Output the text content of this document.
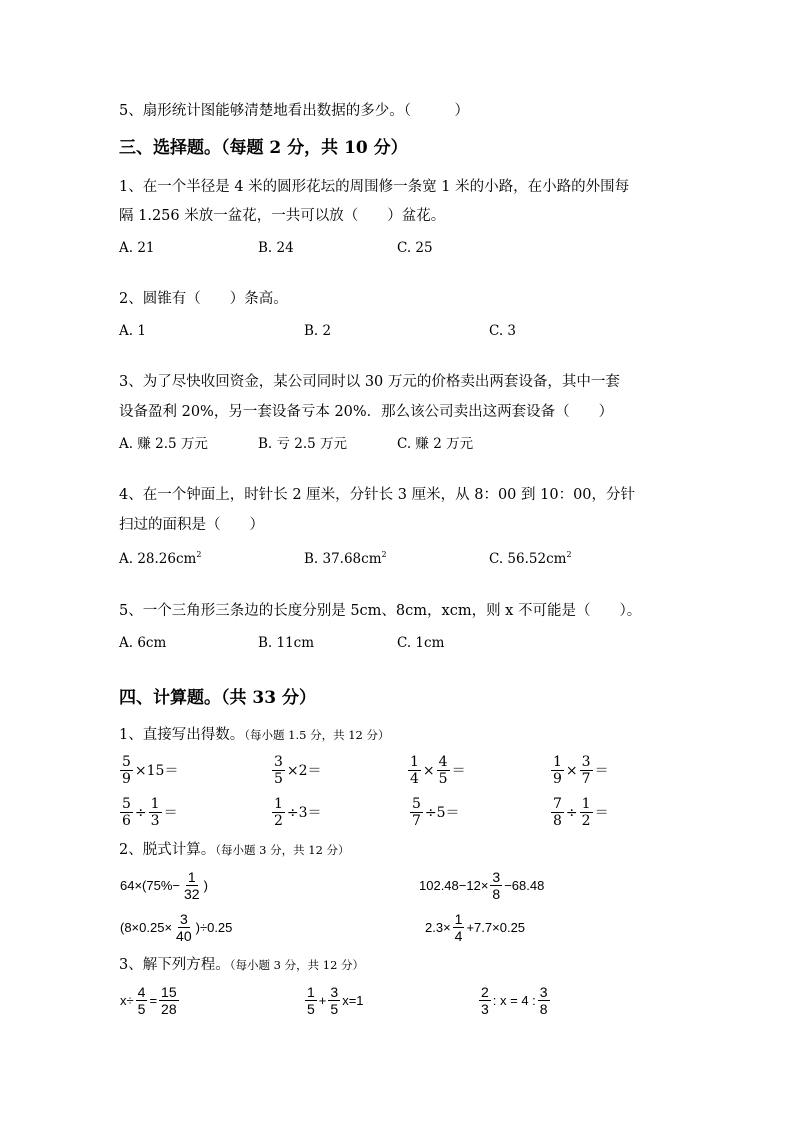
5、扇形统计图能够清楚地看出数据的多少。（　　　）
三、选择题。（每题 2 分，共 10 分）
1、在一个半径是 4 米的圆形花坛的周围修一条宽 1 米的小路，在小路的外围每
隔 1.256 米放一盆花，一共可以放（　　）盆花。
A. 21	B. 24	C. 25
2、圆锥有（　　）条高。
A. 1	B. 2	C. 3
3、为了尽快收回资金，某公司同时以 30 万元的价格卖出两套设备，其中一套
设备盈利 20%，另一套设备亏本 20%．那么该公司卖出这两套设备（　　）
A. 赚 2.5 万元	B. 亏 2.5 万元	C. 赚 2 万元
4、在一个钟面上，时针长 2 厘米，分针长 3 厘米，从 8：00 到 10：00，分针
扫过的面积是（　　）
A. $28.26cm^2$	B. $37.68cm^2$	C. $56.52cm^2$
5、一个三角形三条边的长度分别是 5cm、8cm，xcm，则 x 不可能是（　　）。
A. 6cm	B. 11cm	C. 1cm
四、计算题。（共 33 分）
1、直接写出得数。（每小题 1.5 分，共 12 分）
$\frac{5}{9} \times 15=$	$\frac{3}{5} \times 2=$	$\frac{1}{4} \times \frac{4}{5}$ ＝	$\frac{1}{9} \times \frac{3}{7}$ ＝
$\frac{5}{6} \div \frac{1}{3}$ ＝	$\frac{1}{2} \div 3=$	$\frac{5}{7} \div 5=$	$\frac{7}{8} \div \frac{1}{2}$ ＝
2、脱式计算。（每小题 3 分，共 12 分）
$64\times(75\%- \frac{1}{32}$ )	$102.48-12\times \frac{3}{8} -68.48$
$(8\times 0.25\times \frac{3}{40} )\div 0.25$	$2.3\times \frac{1}{4} +7.7\times 0.25$
3、解下列方程。（每小题 3 分，共 12 分）
$x\div \frac{4}{5} = \frac{15}{28}$	$\frac{1}{5} + \frac{3}{5} x=1$	$\frac{2}{3}$ : x = 4 : $\frac{3}{8}$
